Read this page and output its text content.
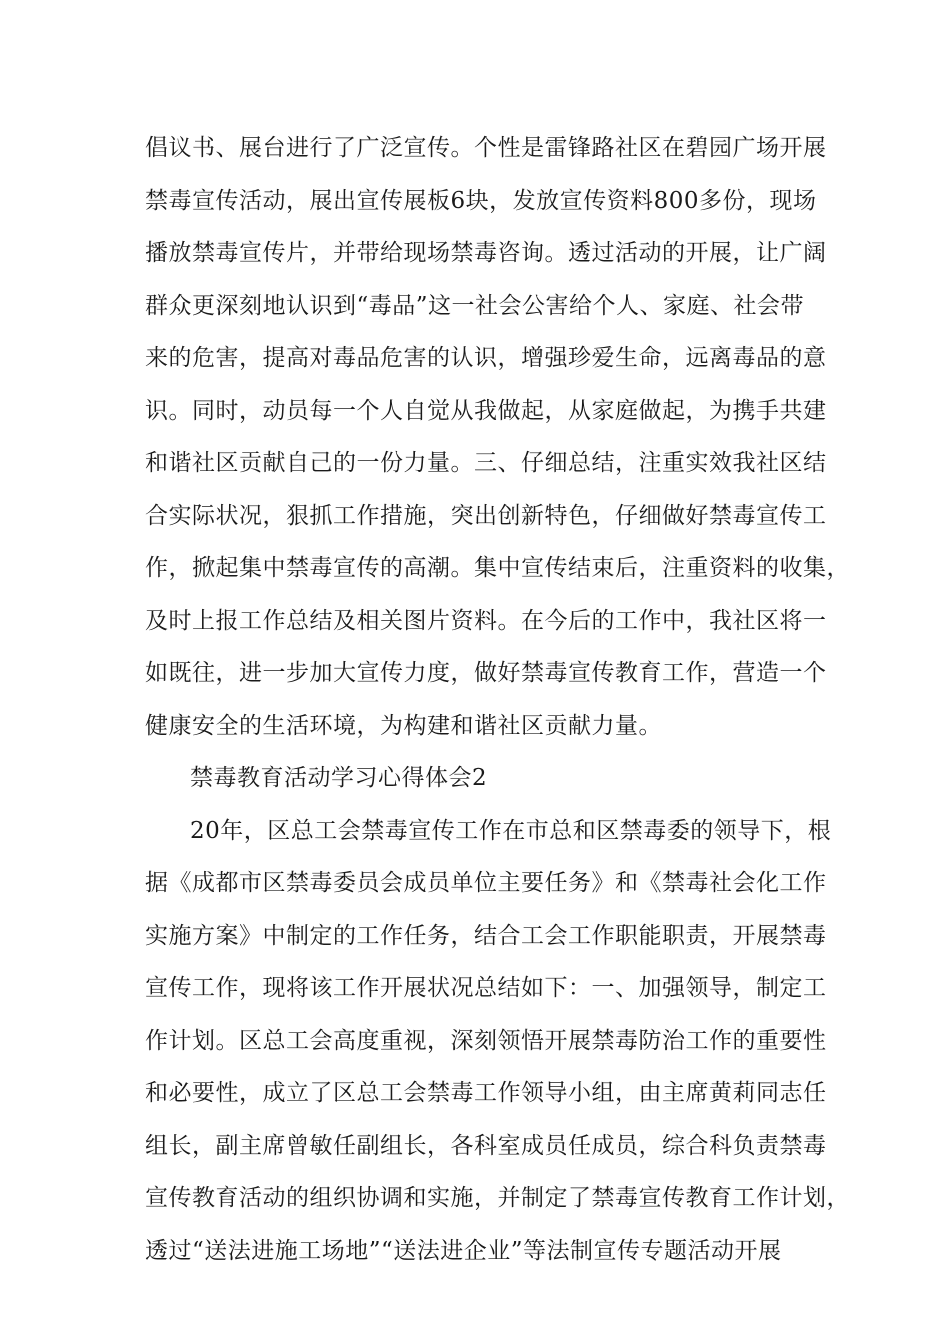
倡议书、展台进行了广泛宣传。个性是雷锋路社区在碧园广场开展
禁毒宣传活动，展出宣传展板6块，发放宣传资料800多份，现场
播放禁毒宣传片，并带给现场禁毒咨询。透过活动的开展，让广阔
群众更深刻地认识到“毒品”这一社会公害给个人、家庭、社会带
来的危害，提高对毒品危害的认识，增强珍爱生命，远离毒品的意
识。同时，动员每一个人自觉从我做起，从家庭做起，为携手共建
和谐社区贡献自己的一份力量。三、仔细总结，注重实效我社区结
合实际状况，狠抓工作措施，突出创新特色，仔细做好禁毒宣传工
作，掀起集中禁毒宣传的高潮。集中宣传结束后，注重资料的收集，
及时上报工作总结及相关图片资料。在今后的工作中，我社区将一
如既往，进一步加大宣传力度，做好禁毒宣传教育工作，营造一个
健康安全的生活环境，为构建和谐社区贡献力量。
禁毒教育活动学习心得体会2
20年，区总工会禁毒宣传工作在市总和区禁毒委的领导下，根
据《成都市区禁毒委员会成员单位主要任务》和《禁毒社会化工作
实施方案》中制定的工作任务，结合工会工作职能职责，开展禁毒
宣传工作，现将该工作开展状况总结如下：一、加强领导，制定工
作计划。区总工会高度重视，深刻领悟开展禁毒防治工作的重要性
和必要性，成立了区总工会禁毒工作领导小组，由主席黄莉同志任
组长，副主席曾敏任副组长，各科室成员任成员，综合科负责禁毒
宣传教育活动的组织协调和实施，并制定了禁毒宣传教育工作计划，
透过“送法进施工场地”“送法进企业”等法制宣传专题活动开展
